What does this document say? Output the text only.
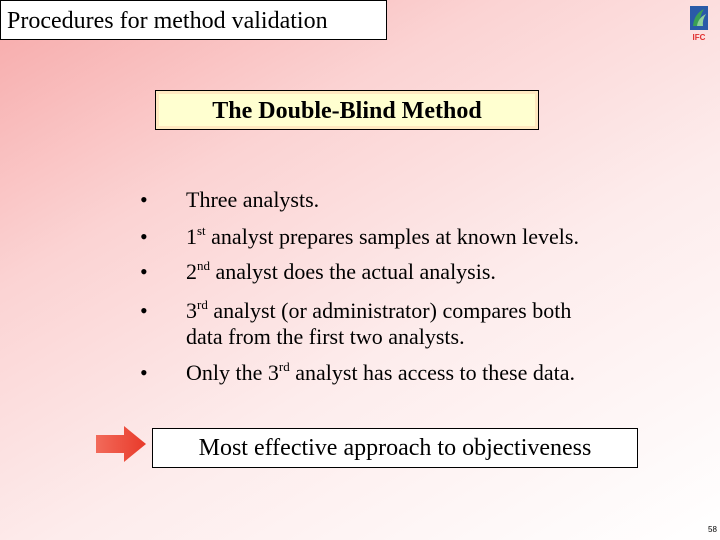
Procedures for method validation
IFC
The Double-Blind Method
•	Three analysts.
•	1st analyst prepares samples at known levels.
•	2nd analyst does the actual analysis.
•	3rd analyst (or administrator) compares both
data from the first two analysts.
•	Only the 3rd analyst has access to these data.
Most effective approach to objectiveness
58
